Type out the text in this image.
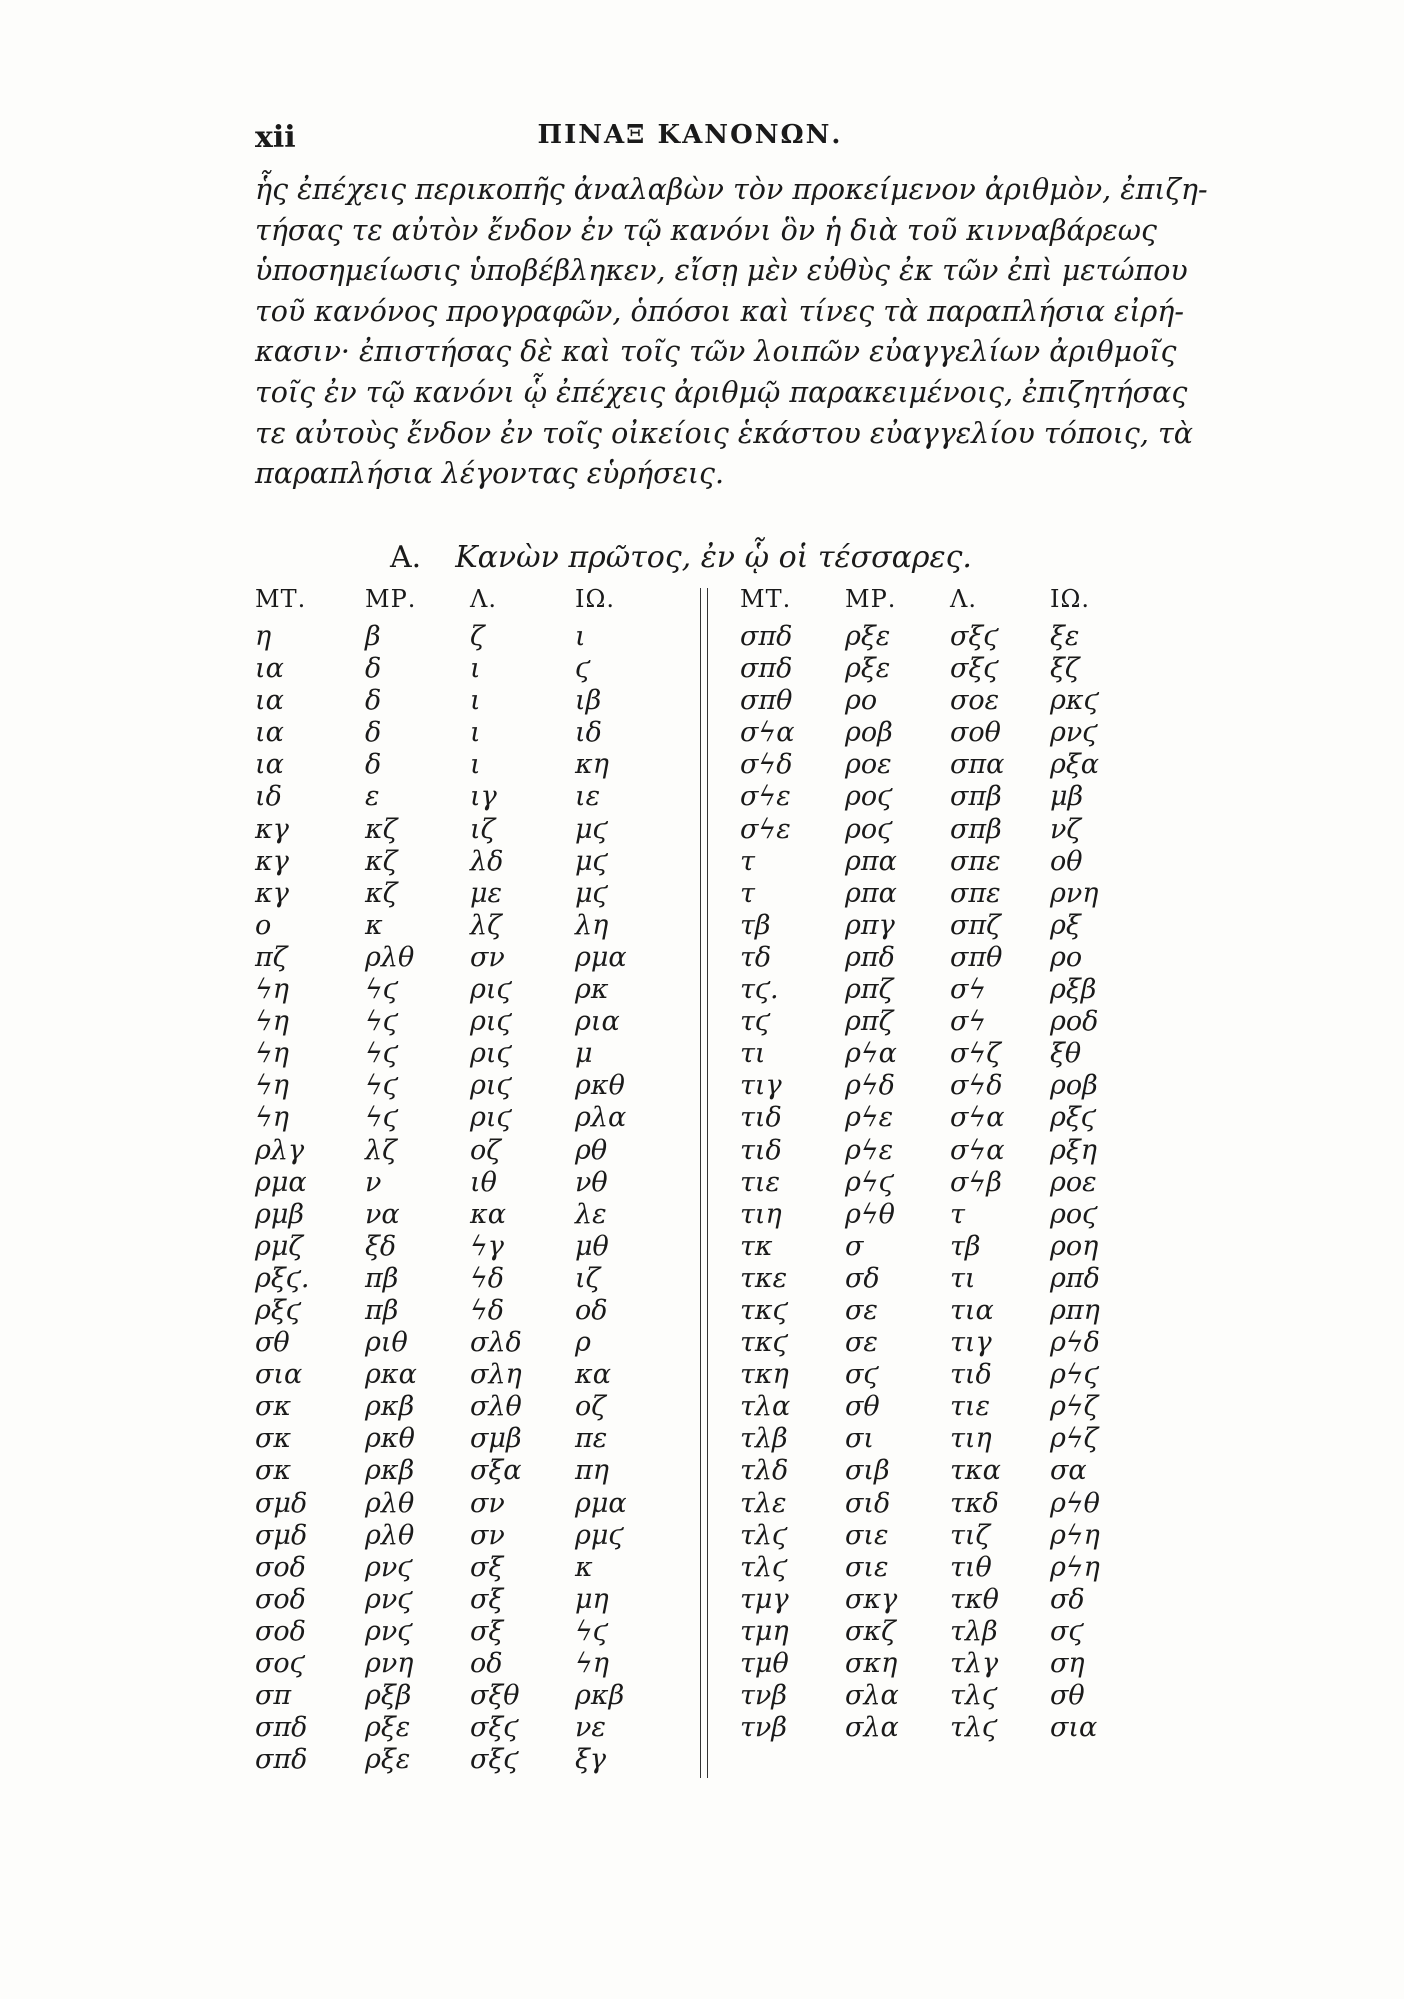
xii	ΠΙΝΑΞ ΚΑΝΟΝΩΝ.
ἧς ἐπέχεις περικοπῆς ἀναλαβὼν τὸν προκείμενον ἀριθμὸν, ἐπιζη-
τήσας τε αὐτὸν ἔνδον ἐν τῷ κανόνι ὃν ἡ διὰ τοῦ κινναβάρεως
ὑποσημείωσις ὑποβέβληκεν, εἴσῃ μὲν εὐθὺς ἐκ τῶν ἐπὶ μετώπου
τοῦ κανόνος προγραφῶν, ὁπόσοι καὶ τίνες τὰ παραπλήσια εἰρή-
κασιν· ἐπιστήσας δὲ καὶ τοῖς τῶν λοιπῶν εὐαγγελίων ἀριθμοῖς
τοῖς ἐν τῷ κανόνι ᾧ ἐπέχεις ἀριθμῷ παρακειμένοις, ἐπιζητήσας
τε αὐτοὺς ἔνδον ἐν τοῖς οἰκείοις ἑκάστου εὐαγγελίου τόποις, τὰ
παραπλήσια λέγοντας εὑρήσεις.
Α. Κανὼν πρῶτος, ἐν ᾧ οἱ τέσσαρες.
ΜΤ. ΜΡ. Λ.	ΙΩ.
η	β	ζ	ι
ια	δ	ι	ϛ
ια	δ	ι	ιβ
ια	δ	ι	ιδ
ια	δ	ι	κη
ιδ	ε	ιγ	ιε
κγ	κζ	ιζ	μϛ
κγ	κζ	λδ	μϛ
κγ	κζ	με	μϛ
ο	κ	λζ	λη
πζ	ρλθ σν	ρμα
ϟη	ϟϛ	ριϛ ρκ
ϟη	ϟϛ	ριϛ ρια
ϟη	ϟϛ	ριϛ μ
ϟη	ϟϛ	ριϛ ρκθ
ϟη	ϟϛ	ριϛ ρλα
ρλγ λζ	οζ	ρθ
ρμα ν	ιθ	νθ
ρμβ να	κα	λε
ρμζ ξδ	ϟγ	μθ
ρξϛ. πβ	ϟδ	ιζ
ρξϛ πβ	ϟδ	οδ
σθ	ριθ σλδ ρ
σια ρκα σλη κα
σκ	ρκβ σλθ οζ
σκ	ρκθ σμβ πε
σκ	ρκβ σξα πη
σμδ ρλθ σν	ρμα
σμδ ρλθ σν	ρμϛ
σοδ ρνϛ σξ	κ
σοδ ρνϛ σξ	μη
σοδ ρνϛ σξ	ϟϛ
σοϛ ρνη οδ	ϟη
σπ	ρξβ σξθ ρκβ
σπδ ρξε σξϛ νε
σπδ ρξε σξϛ ξγ
ΜΤ. ΜΡ. Λ.	ΙΩ.
σπδ ρξε σξϛ ξε
σπδ ρξε σξϛ ξζ
σπθ ρο	σοε ρκϛ
σϟα ροβ σοθ ρνϛ
σϟδ ροε σπα ρξα
σϟε ροϛ σπβ μβ
σϟε ροϛ σπβ νζ
τ	ρπα σπε οθ
τ	ρπα σπε ρνη
τβ	ρπγ σπζ ρξ
τδ	ρπδ σπθ ρο
τϛ. ρπζ σϟ ρξβ
τϛ	ρπζ σϟ ροδ
τι	ρϟα σϟζ ξθ
τιγ ρϟδ σϟδ ροβ
τιδ ρϟε σϟα ρξϛ
τιδ ρϟε σϟα ρξη
τιε ρϟϛ σϟβ ροε
τιη ρϟθ τ	ροϛ
τκ	σ	τβ	ροη
τκε σδ	τι	ρπδ
τκϛ σε	τια ρπη
τκϛ σε	τιγ ρϟδ
τκη σϛ	τιδ ρϟϛ
τλα σθ	τιε ρϟζ
τλβ σι	τιη ρϟζ
τλδ σιβ τκα σα
τλε σιδ τκδ ρϟθ
τλϛ σιε τιζ ρϟη
τλϛ σιε τιθ ρϟη
τμγ σκγ τκθ σδ
τμη σκζ τλβ σϛ
τμθ σκη τλγ ση
τνβ σλα τλϛ σθ
τνβ σλα τλϛ σια
